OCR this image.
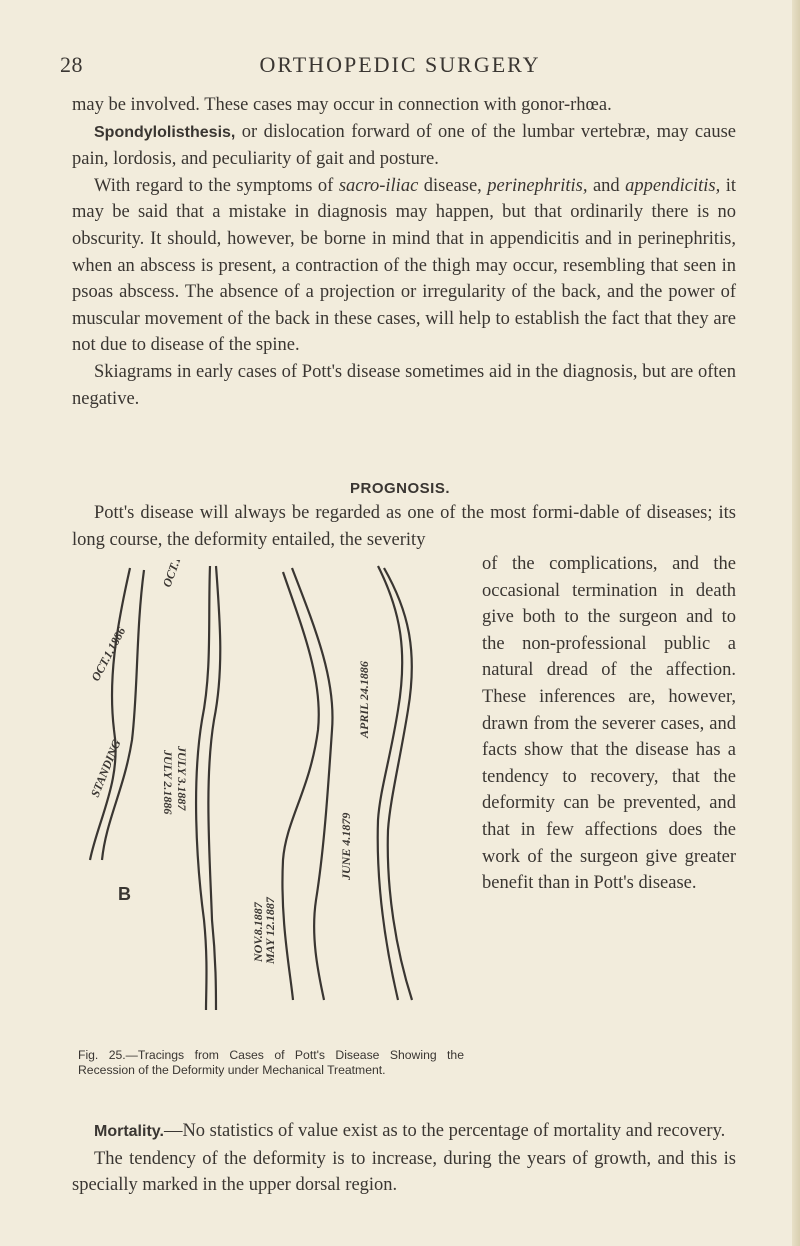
28	ORTHOPEDIC SURGERY

may be involved. These cases may occur in connection with gonor-rhœa.

Spondylolisthesis, or dislocation forward of one of the lumbar vertebræ, may cause pain, lordosis, and peculiarity of gait and posture.

With regard to the symptoms of sacro-iliac disease, perinephritis, and appendicitis, it may be said that a mistake in diagnosis may happen, but that ordinarily there is no obscurity. It should, however, be borne in mind that in appendicitis and in perinephritis, when an abscess is present, a contraction of the thigh may occur, resembling that seen in psoas abscess. The absence of a projection or irregularity of the back, and the power of muscular movement of the back in these cases, will help to establish the fact that they are not due to disease of the spine.

Skiagrams in early cases of Pott's disease sometimes aid in the diagnosis, but are often negative.

PROGNOSIS.

Pott's disease will always be regarded as one of the most formi-dable of diseases; its long course, the deformity entailed, the severity

OCT.1.1886
STANDING	JULY 2.1886 JULY 3.1887
NOV.8.1887
MAY 12.1887
JUNE 4.1879
APRIL 24.1886
B
Fig. 25.—Tracings from Cases of Pott's Disease Showing the Recession of the Deformity under Mechanical Treatment.

of the complications, and the occasional termination in death give both to the surgeon and to the non-professional public a natural dread of the affection. These inferences are, however, drawn from the severer cases, and facts show that the disease has a tendency to recovery, that the deformity can be prevented, and that in few affections does the work of the surgeon give greater benefit than in Pott's disease.

Mortality.—No statistics of value exist as to the percentage of mortality and recovery.

The tendency of the deformity is to increase, during the years of growth, and this is specially marked in the upper dorsal region.
